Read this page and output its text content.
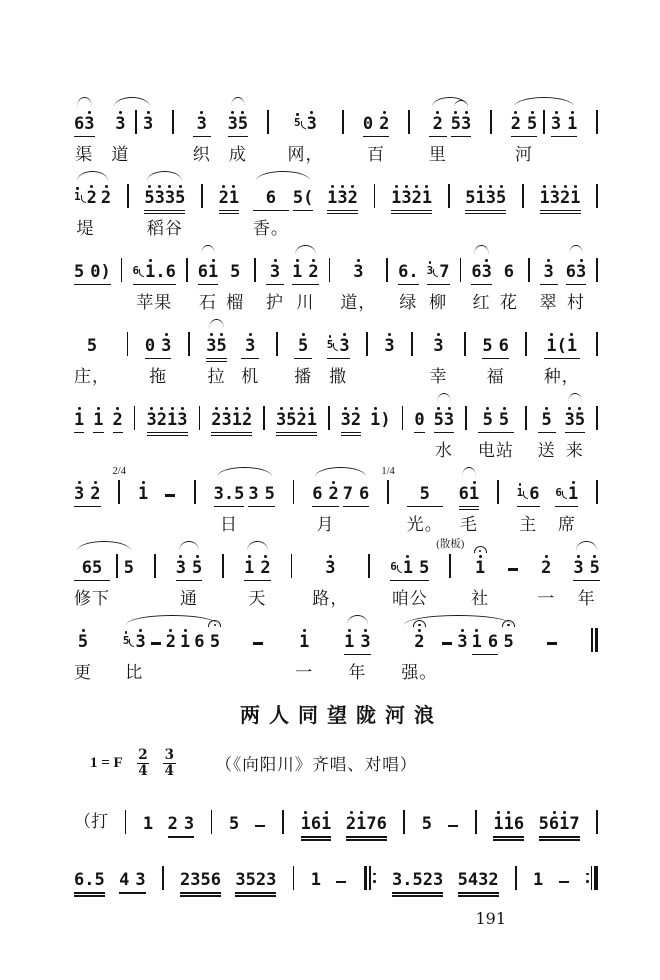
6 3
渠
3
道
3	3
织
3 5
成
5 3
网，
0
2
百
2
里
5 3 2
5
河
3
1
1 2
堤
2 5 3 3 5
稻谷
2 1 6
香。
5 ( 1 3 2 1 3 2 1 5 1 3 5 1 3 2 1
5
0 ) 6 1 . 6
苹果
6 1
石
5
榴
3
护
1
2
川
3
道，
6 .
绿
3 7
柳
6 3
红
6
花
3
翠
6 3
村
5
庄，
0
3
拖
3 5
拉
3
机
5
播
5 3
撒
3 3
幸
5
6
福
1 ( 1
种，
1 1 2 3 2 1 3 2 3 1 2 3 5 2 1 3 2 1 ) 0 5 3
水
5
5
电站
5
送
3 5
来
3
2
2/4
1	3 . 5
日
3
5 6
2
月
7
6
1/4
5
光。
6 1
毛
1 6
主
6 1
席
6 5
修下
5 3
5
通
1
2
天
3
路，
6 1
5
咱公
(散板)
1
社
2
一
3
5
年
5
更
5 3
比
2 1 6 5	1
一
1
3
年
2
强。
3 1
6 5
两人同望陇河浪
1 = F $\frac{2}{4} \frac{3}{4}$ （《向阳川》齐唱、对唱）
（打 1 2
3 5	1 6 1 2 1 7 6 5	1 1 6 5 6 1 7
6 . 5 4
3 2 3 5 6 3 5 2 3 1	3 . 5 2 3 5 4 3 2 1
191
